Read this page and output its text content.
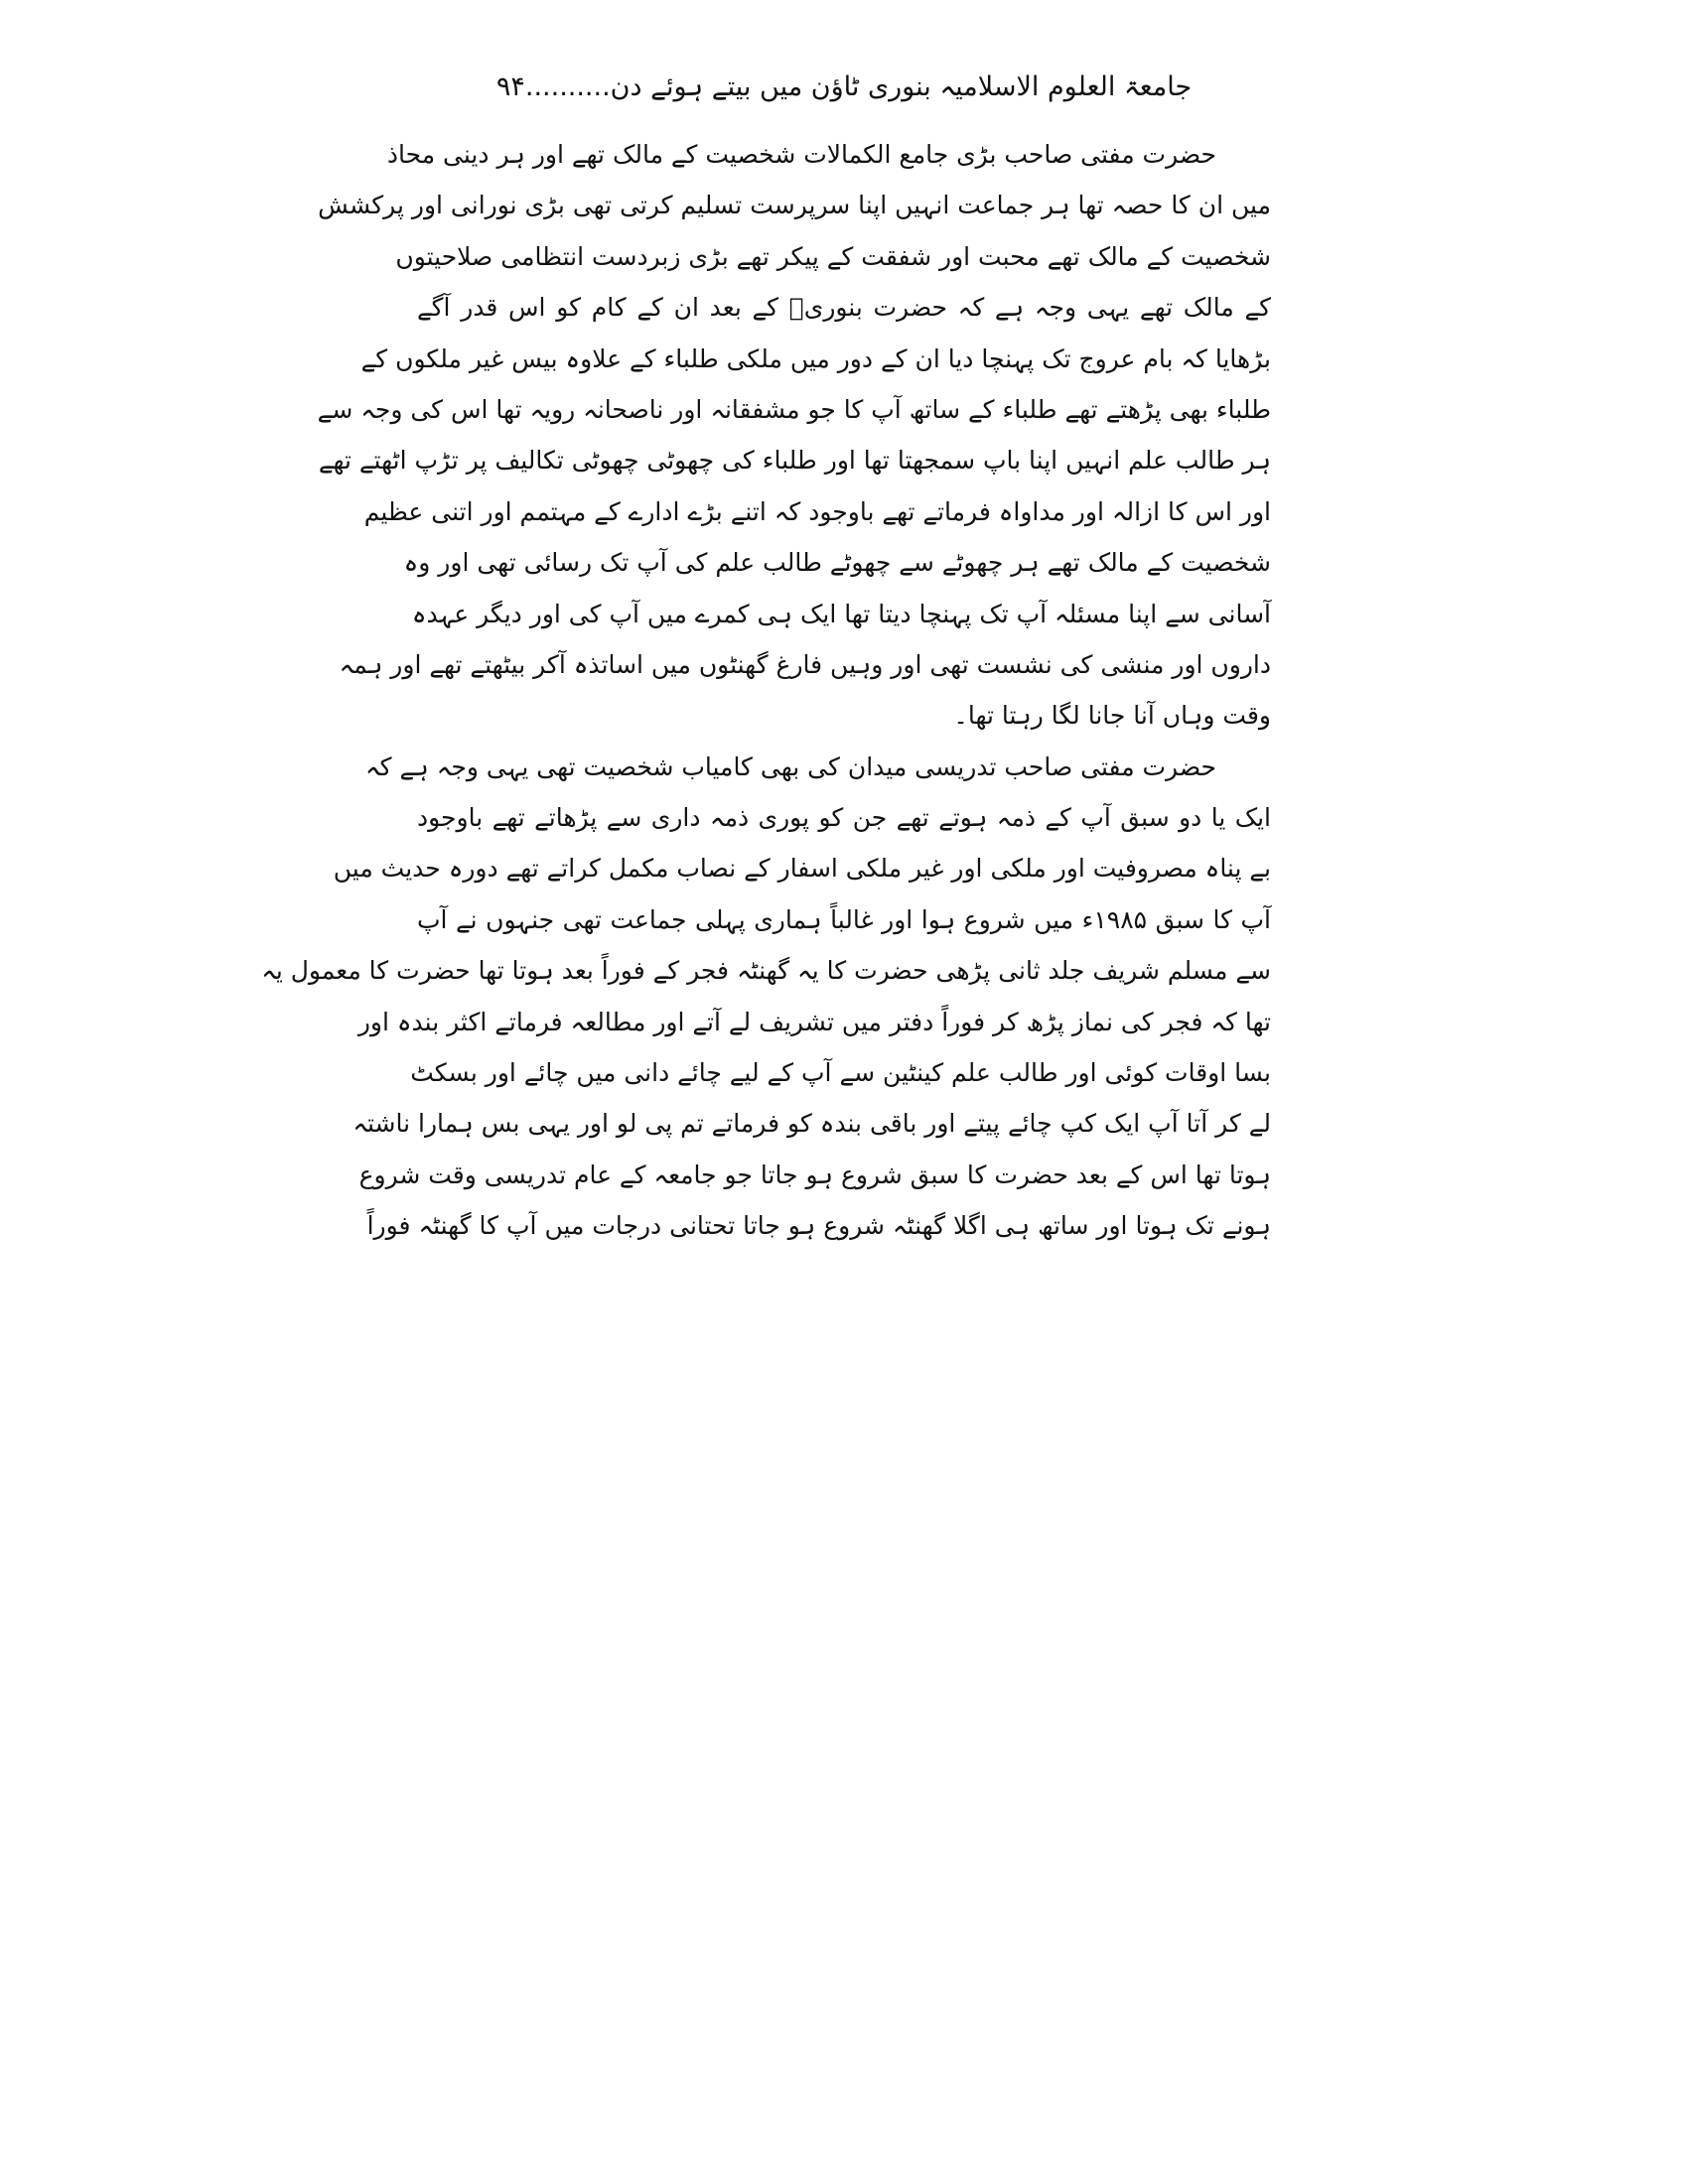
جامعۃ العلوم الاسلامیہ بنوری ٹاؤن میں بیتے ہوئے دن..........۹۴
حضرت مفتی صاحب بڑی جامع الکمالات شخصیت کے مالک تھے اور ہر دینی محاذ
میں ان کا حصہ تھا ہر جماعت انہیں اپنا سرپرست تسلیم کرتی تھی بڑی نورانی اور پرکشش
شخصیت کے مالک تھے محبت اور شفقت کے پیکر تھے بڑی زبردست انتظامی صلاحیتوں
کے مالک تھے یہی وجہ ہے کہ حضرت بنوریؒ کے بعد ان کے کام کو اس قدر آگے
بڑھایا کہ بام عروج تک پہنچا دیا ان کے دور میں ملکی طلباء کے علاوہ بیس غیر ملکوں کے
طلباء بھی پڑھتے تھے طلباء کے ساتھ آپ کا جو مشفقانہ اور ناصحانہ رویہ تھا اس کی وجہ سے
ہر طالب علم انہیں اپنا باپ سمجھتا تھا اور طلباء کی چھوٹی چھوٹی تکالیف پر تڑپ اٹھتے تھے
اور اس کا ازالہ اور مداواہ فرماتے تھے باوجود کہ اتنے بڑے ادارے کے مہتمم اور اتنی عظیم
شخصیت کے مالک تھے ہر چھوٹے سے چھوٹے طالب علم کی آپ تک رسائی تھی اور وہ
آسانی سے اپنا مسئلہ آپ تک پہنچا دیتا تھا ایک ہی کمرے میں آپ کی اور دیگر عہدہ
داروں اور منشی کی نشست تھی اور وہیں فارغ گھنٹوں میں اساتذہ آکر بیٹھتے تھے اور ہمہ
وقت وہاں آنا جانا لگا رہتا تھا۔
حضرت مفتی صاحب تدریسی میدان کی بھی کامیاب شخصیت تھی یہی وجہ ہے کہ
ایک یا دو سبق آپ کے ذمہ ہوتے تھے جن کو پوری ذمہ داری سے پڑھاتے تھے باوجود
بے پناہ مصروفیت اور ملکی اور غیر ملکی اسفار کے نصاب مکمل کراتے تھے دورہ حدیث میں
آپ کا سبق ۱۹۸۵ء میں شروع ہوا اور غالباً ہماری پہلی جماعت تھی جنہوں نے آپ
سے مسلم شریف جلد ثانی پڑھی حضرت کا یہ گھنٹہ فجر کے فوراً بعد ہوتا تھا حضرت کا معمول یہ
تھا کہ فجر کی نماز پڑھ کر فوراً دفتر میں تشریف لے آتے اور مطالعہ فرماتے اکثر بندہ اور
بسا اوقات کوئی اور طالب علم کینٹین سے آپ کے لیے چائے دانی میں چائے اور بسکٹ
لے کر آتا آپ ایک کپ چائے پیتے اور باقی بندہ کو فرماتے تم پی لو اور یہی بس ہمارا ناشتہ
ہوتا تھا اس کے بعد حضرت کا سبق شروع ہو جاتا جو جامعہ کے عام تدریسی وقت شروع
ہونے تک ہوتا اور ساتھ ہی اگلا گھنٹہ شروع ہو جاتا تحتانی درجات میں آپ کا گھنٹہ فوراً
